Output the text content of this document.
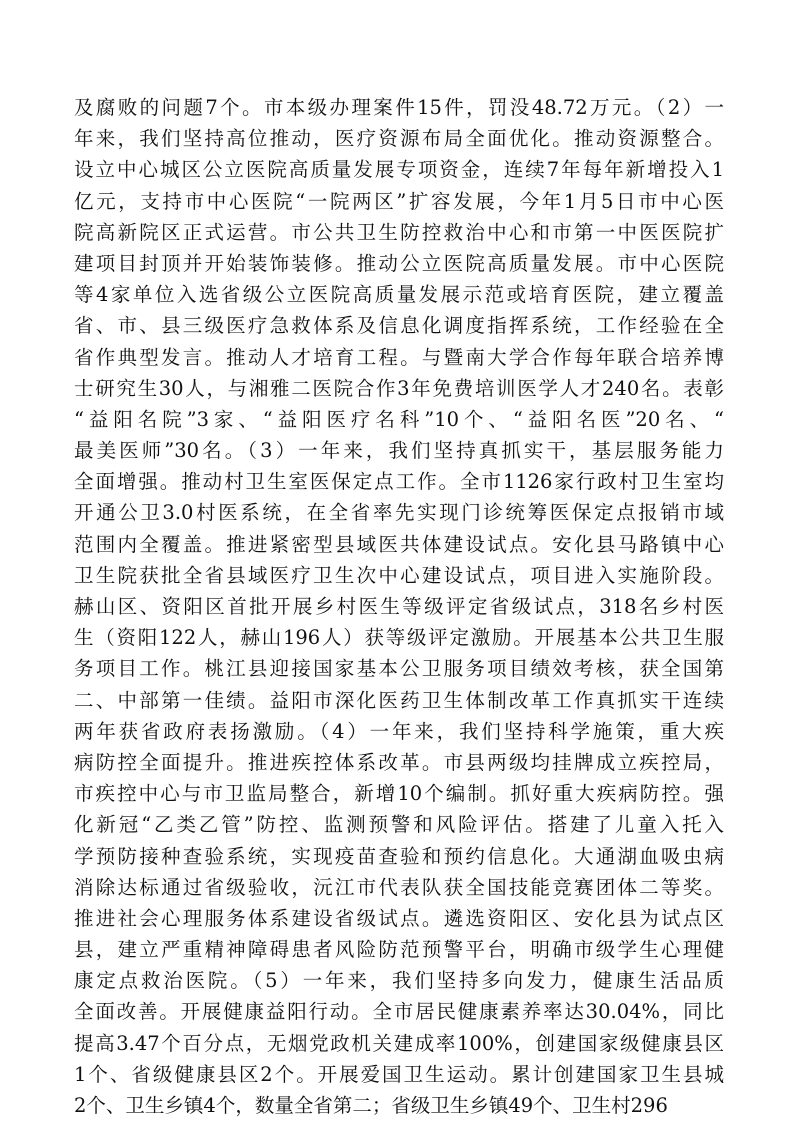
及腐败的问题7个。市本级办理案件15件，罚没48.72万元。（2）一
年来，我们坚持高位推动，医疗资源布局全面优化。推动资源整合。
设立中心城区公立医院高质量发展专项资金，连续7年每年新增投入1
亿元，支持市中心医院“一院两区”扩容发展，今年1月5日市中心医
院高新院区正式运营。市公共卫生防控救治中心和市第一中医医院扩
建项目封顶并开始装饰装修。推动公立医院高质量发展。市中心医院
等4家单位入选省级公立医院高质量发展示范或培育医院，建立覆盖
省、市、县三级医疗急救体系及信息化调度指挥系统，工作经验在全
省作典型发言。推动人才培育工程。与暨南大学合作每年联合培养博
士研究生30人，与湘雅二医院合作3年免费培训医学人才240名。表彰
“益阳名院”3家、“益阳医疗名科”10个、“益阳名医”20名、“
最美医师”30名。（3）一年来，我们坚持真抓实干，基层服务能力
全面增强。推动村卫生室医保定点工作。全市1126家行政村卫生室均
开通公卫3.0村医系统，在全省率先实现门诊统筹医保定点报销市域
范围内全覆盖。推进紧密型县域医共体建设试点。安化县马路镇中心
卫生院获批全省县域医疗卫生次中心建设试点，项目进入实施阶段。
赫山区、资阳区首批开展乡村医生等级评定省级试点，318名乡村医
生（资阳122人，赫山196人）获等级评定激励。开展基本公共卫生服
务项目工作。桃江县迎接国家基本公卫服务项目绩效考核，获全国第
二、中部第一佳绩。益阳市深化医药卫生体制改革工作真抓实干连续
两年获省政府表扬激励。（4）一年来，我们坚持科学施策，重大疾
病防控全面提升。推进疾控体系改革。市县两级均挂牌成立疾控局，
市疾控中心与市卫监局整合，新增10个编制。抓好重大疾病防控。强
化新冠“乙类乙管”防控、监测预警和风险评估。搭建了儿童入托入
学预防接种查验系统，实现疫苗查验和预约信息化。大通湖血吸虫病
消除达标通过省级验收，沅江市代表队获全国技能竞赛团体二等奖。
推进社会心理服务体系建设省级试点。遴选资阳区、安化县为试点区
县，建立严重精神障碍患者风险防范预警平台，明确市级学生心理健
康定点救治医院。（5）一年来，我们坚持多向发力，健康生活品质
全面改善。开展健康益阳行动。全市居民健康素养率达30.04%，同比
提高3.47个百分点，无烟党政机关建成率100%，创建国家级健康县区
1个、省级健康县区2个。开展爱国卫生运动。累计创建国家卫生县城
2个、卫生乡镇4个，数量全省第二；省级卫生乡镇49个、卫生村296
